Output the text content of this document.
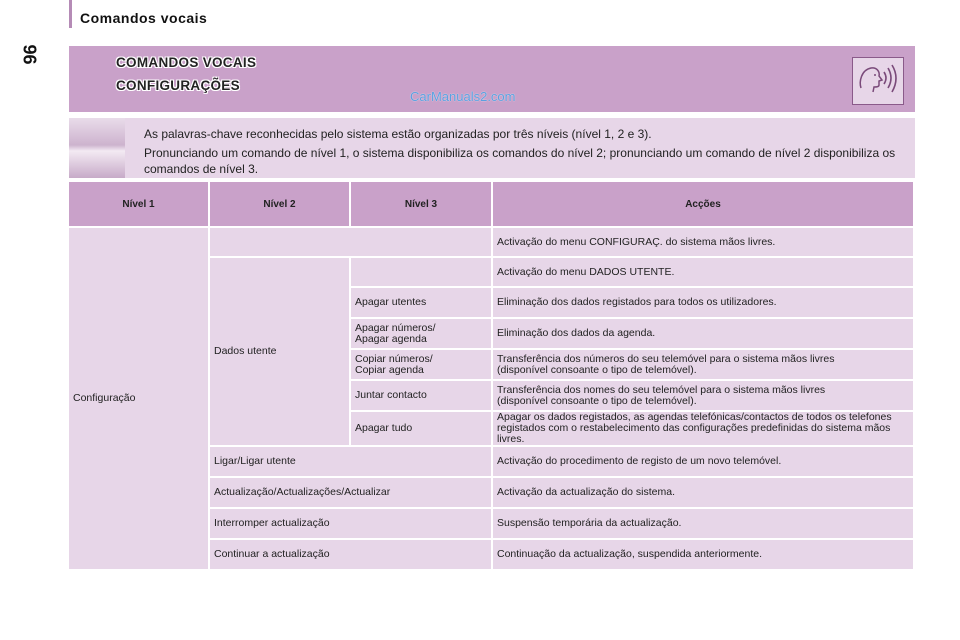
Comandos vocais
96	COMANDOS VOCAIS
CONFIGURAÇÕES
CarManuals2.com
As palavras-chave reconhecidas pelo sistema estão organizadas por três níveis (nível 1, 2 e 3).
Pronunciando um comando de nível 1, o sistema disponibiliza os comandos do nível 2; pronunciando um comando de nível 2 disponibiliza os comandos de nível 3.
Nível 1	Nível 2	Nível 3	Acções
Configuração			Activação do menu CONFIGURAÇ. do sistema mãos livres.
	Dados utente		Activação do menu DADOS UTENTE.
		Apagar utentes	Eliminação dos dados registados para todos os utilizadores.
		Apagar números/
Apagar agenda	Eliminação dos dados da agenda.
		Copiar números/
Copiar agenda	Transferência dos números do seu telemóvel para o sistema mãos livres
(disponível consoante o tipo de telemóvel).
		Juntar contacto	Transferência dos nomes do seu telemóvel para o sistema mãos livres
(disponível consoante o tipo de telemóvel).
		Apagar tudo	Apagar os dados registados, as agendas telefónicas/contactos de todos os telefones
registados com o restabelecimento das configurações predefinidas do sistema mãos livres.
	Ligar/Ligar utente		Activação do procedimento de registo de um novo telemóvel.
	Actualização/Actualizações/Actualizar		Activação da actualização do sistema.
	Interromper actualização		Suspensão temporária da actualização.
	Continuar a actualização		Continuação da actualização, suspendida anteriormente.
